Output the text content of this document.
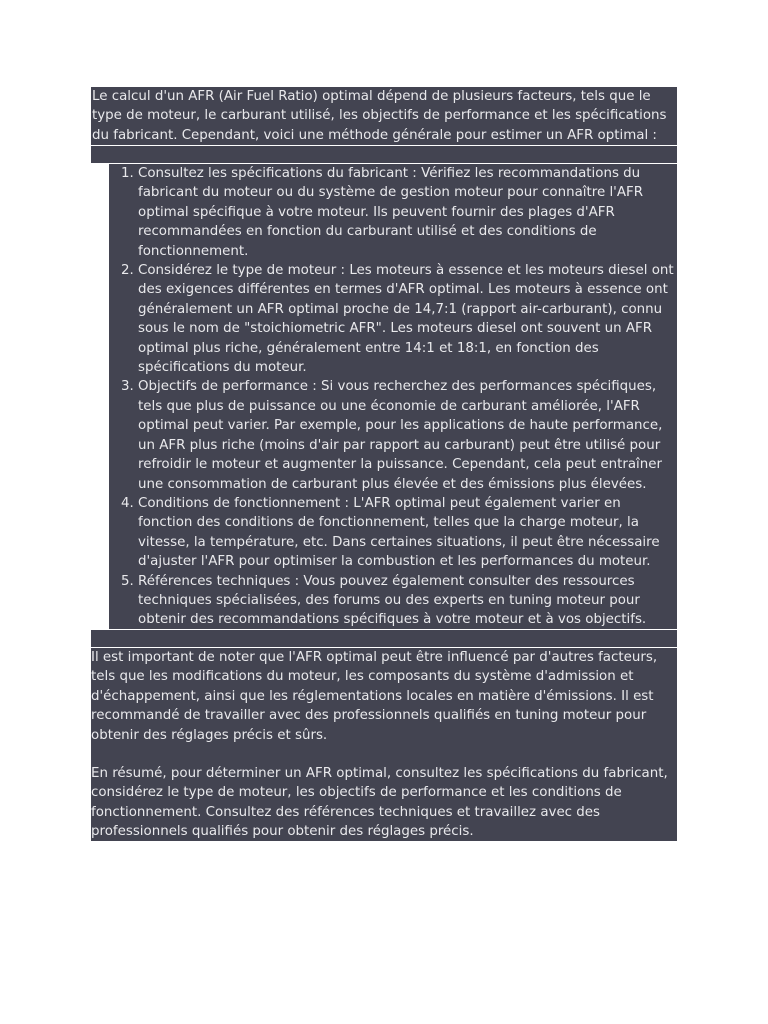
Le calcul d'un AFR (Air Fuel Ratio) optimal dépend de plusieurs facteurs, tels que le type de moteur, le carburant utilisé, les objectifs de performance et les spécifications du fabricant. Cependant, voici une méthode générale pour estimer un AFR optimal :

1. Consultez les spécifications du fabricant : Vérifiez les recommandations du fabricant du moteur ou du système de gestion moteur pour connaître l'AFR optimal spécifique à votre moteur. Ils peuvent fournir des plages d'AFR recommandées en fonction du carburant utilisé et des conditions de fonctionnement.
2. Considérez le type de moteur : Les moteurs à essence et les moteurs diesel ont des exigences différentes en termes d'AFR optimal. Les moteurs à essence ont généralement un AFR optimal proche de 14,7:1 (rapport air-carburant), connu sous le nom de "stoichiometric AFR". Les moteurs diesel ont souvent un AFR optimal plus riche, généralement entre 14:1 et 18:1, en fonction des spécifications du moteur.
3. Objectifs de performance : Si vous recherchez des performances spécifiques, tels que plus de puissance ou une économie de carburant améliorée, l'AFR optimal peut varier. Par exemple, pour les applications de haute performance, un AFR plus riche (moins d'air par rapport au carburant) peut être utilisé pour refroidir le moteur et augmenter la puissance. Cependant, cela peut entraîner une consommation de carburant plus élevée et des émissions plus élevées.
4. Conditions de fonctionnement : L'AFR optimal peut également varier en fonction des conditions de fonctionnement, telles que la charge moteur, la vitesse, la température, etc. Dans certaines situations, il peut être nécessaire d'ajuster l'AFR pour optimiser la combustion et les performances du moteur.
5. Références techniques : Vous pouvez également consulter des ressources techniques spécialisées, des forums ou des experts en tuning moteur pour obtenir des recommandations spécifiques à votre moteur et à vos objectifs.

Il est important de noter que l'AFR optimal peut être influencé par d'autres facteurs, tels que les modifications du moteur, les composants du système d'admission et d'échappement, ainsi que les réglementations locales en matière d'émissions. Il est recommandé de travailler avec des professionnels qualifiés en tuning moteur pour obtenir des réglages précis et sûrs.

En résumé, pour déterminer un AFR optimal, consultez les spécifications du fabricant, considérez le type de moteur, les objectifs de performance et les conditions de fonctionnement. Consultez des références techniques et travaillez avec des professionnels qualifiés pour obtenir des réglages précis.
